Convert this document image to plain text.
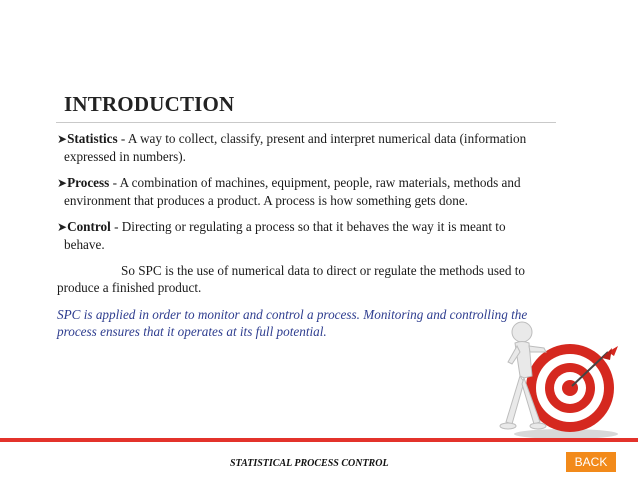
INTRODUCTION
➤Statistics - A way to collect, classify, present and interpret numerical data (information
expressed in numbers).
➤Process - A combination of machines, equipment, people, raw materials, methods and
environment that produces a product. A process is how something gets done.
➤Control - Directing or regulating a process so that it behaves the way it is meant to
behave.
So SPC is the use of numerical data to direct or regulate the methods used to
produce a finished product.
SPC is applied in order to monitor and control a process. Monitoring and controlling the
process ensures that it operates at its full potential.
STATISTICAL PROCESS CONTROL	BACK
